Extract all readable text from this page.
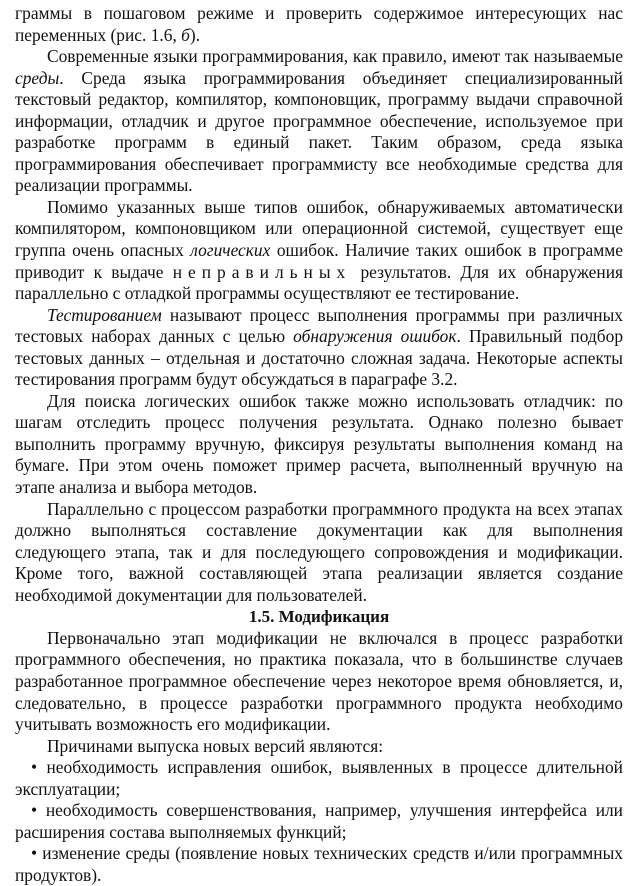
граммы в пошаговом режиме и проверить содержимое интересующих нас переменных (рис. 1.6, б).

Современные языки программирования, как правило, имеют так называемые среды. Среда языка программирования объединяет специализированный текстовый редактор, компилятор, компоновщик, программу выдачи справочной информации, отладчик и другое программное обеспечение, используемое при разработке программ в единый пакет. Таким образом, среда языка программирования обеспечивает программисту все необходимые средства для реализации программы.

Помимо указанных выше типов ошибок, обнаруживаемых автоматически компилятором, компоновщиком или операционной системой, существует еще группа очень опасных логических ошибок. Наличие таких ошибок в программе приводит к выдаче неправильных результатов. Для их обнаружения параллельно с отладкой программы осуществляют ее тестирование.

Тестированием называют процесс выполнения программы при различных тестовых наборах данных с целью обнаружения ошибок. Правильный подбор тестовых данных – отдельная и достаточно сложная задача. Некоторые аспекты тестирования программ будут обсуждаться в параграфе 3.2.

Для поиска логических ошибок также можно использовать отладчик: по шагам отследить процесс получения результата. Однако полезно бывает выполнить программу вручную, фиксируя результаты выполнения команд на бумаге. При этом очень поможет пример расчета, выполненный вручную на этапе анализа и выбора методов.

Параллельно с процессом разработки программного продукта на всех этапах должно выполняться составление документации как для выполнения следующего этапа, так и для последующего сопровождения и модификации. Кроме того, важной составляющей этапа реализации является создание необходимой документации для пользователей.

1.5. Модификация

Первоначально этап модификации не включался в процесс разработки программного обеспечения, но практика показала, что в большинстве случаев разработанное программное обеспечение через некоторое время обновляется, и, следовательно, в процессе разработки программного продукта необходимо учитывать возможность его модификации.

Причинами выпуска новых версий являются:

• необходимость исправления ошибок, выявленных в процессе длительной эксплуатации;

• необходимость совершенствования, например, улучшения интерфейса или расширения состава выполняемых функций;

• изменение среды (появление новых технических средств и/или программных продуктов).
